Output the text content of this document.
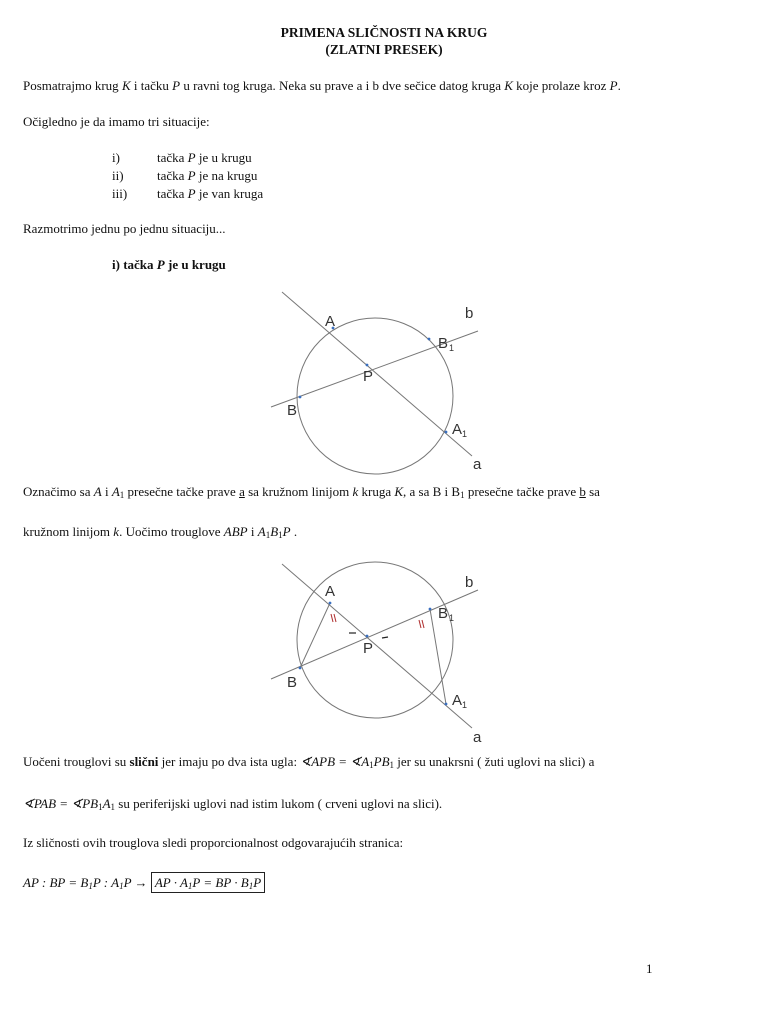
PRIMENA SLIČNOSTI NA KRUG
(ZLATNI PRESEK)
Posmatrajmo krug K i tačku P u ravni tog kruga. Neka su prave a i b dve sečice datog kruga K koje prolaze kroz P.
Očigledno je da imamo tri situacije:
i)	tačka P je u krugu
ii)	tačka P je na krugu
iii) tačka P je van kruga
Razmotrimo jednu po jednu situaciju...
i) tačka P je u krugu
A	b
B 1
P
B
A 1
a
Označimo sa A i $A_1$ presečne tačke prave a sa kružnom linijom k kruga K, a sa B i $B_1$ presečne tačke prave b sa
kružnom linijom k. Uočimo trouglove ABP i $A_1B_1P$ .
A
b
B 1
P
B
A 1
a
Uočeni trouglovi su slični jer imaju po dva ista ugla: ∢APB = $∢A_1PB_1$ jer su unakrsni ( žuti uglovi na slici) a
∢PAB = $∢PB_1A_1$ su periferijski uglovi nad istim lukom ( crveni uglovi na slici).
Iz sličnosti ovih trouglova sledi proporcionalnost odgovarajućih stranica:
AP : BP = $B_1P$ : $A_1P$ → AP · $A_1P$ = BP · $B_1P$
1
